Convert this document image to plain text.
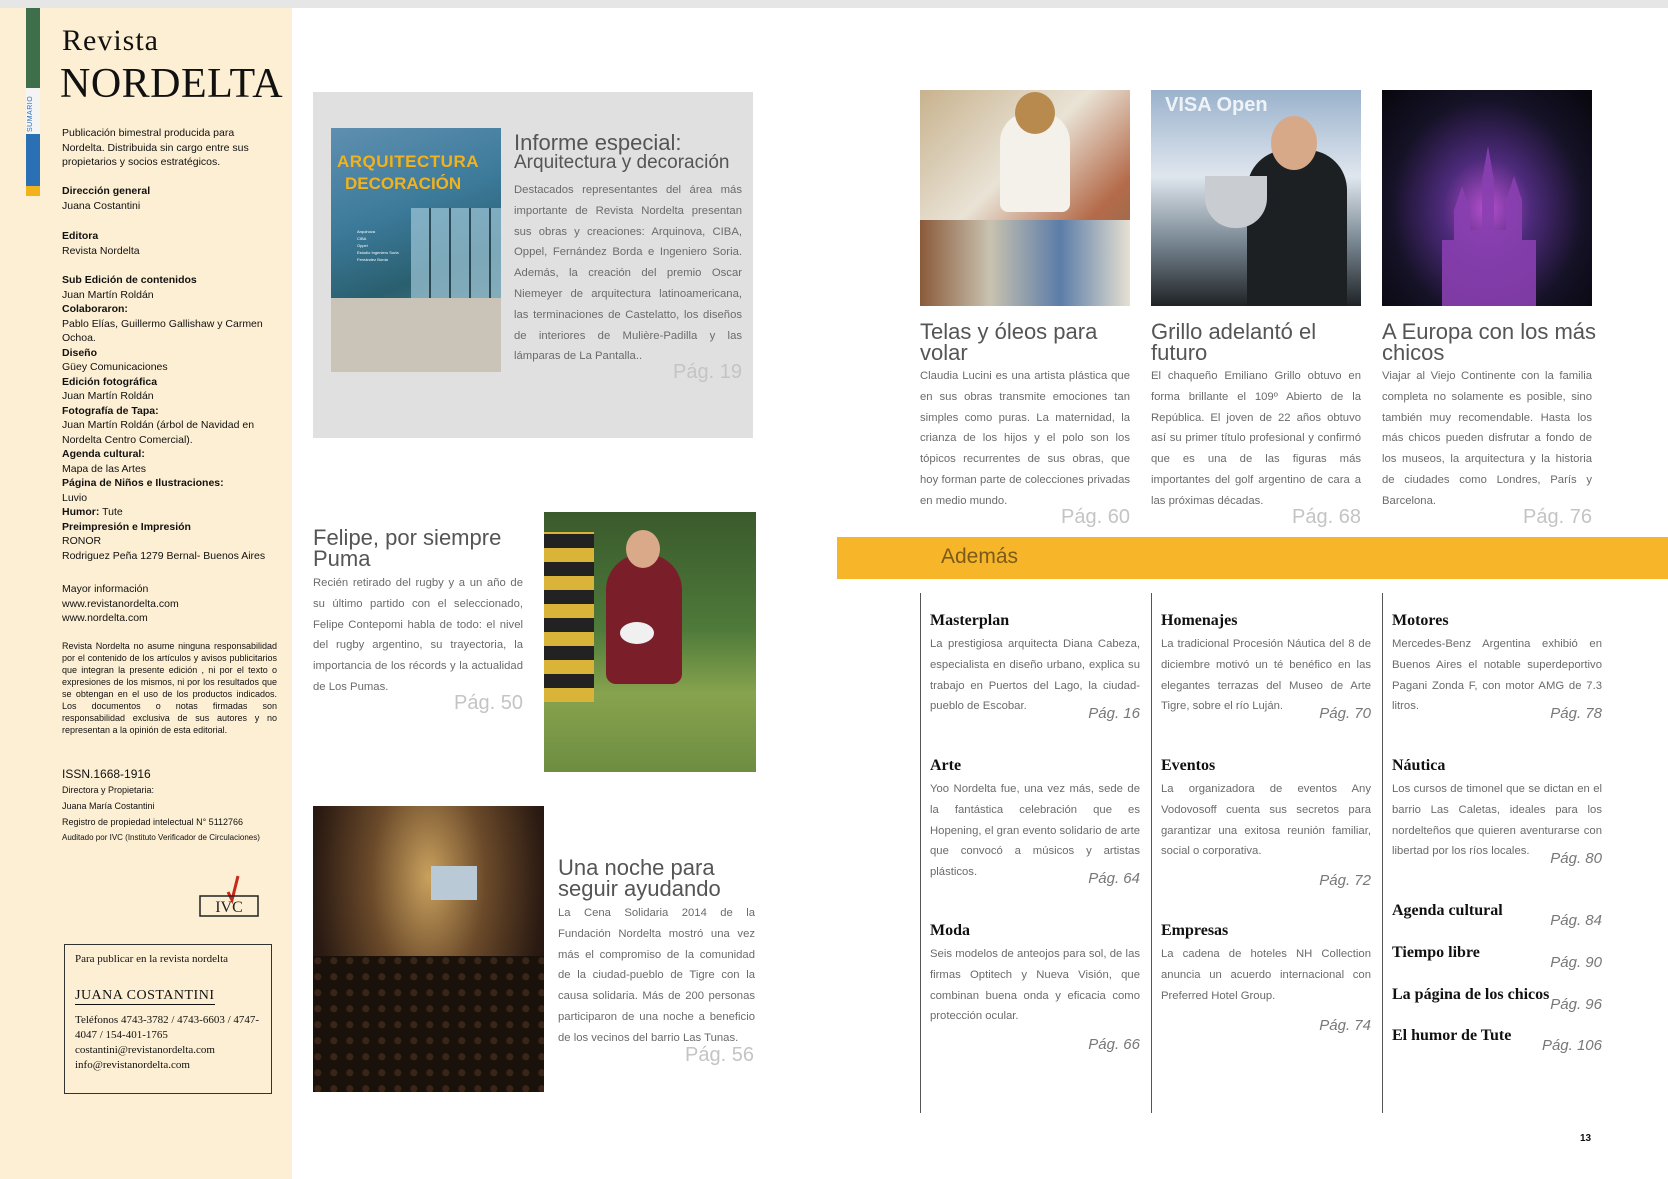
SUMARIO
Revista
NORDELTA
Publicación bimestral producida para Nordelta. Distribuida sin cargo entre sus propietarios y socios estratégicos.
Dirección general
Juana Costantini
Editora
Revista Nordelta
Sub Edición de contenidos
Juan Martín Roldán
Colaboraron:
Pablo Elías, Guillermo Gallishaw y Carmen Ochoa.
Diseño
Güey Comunicaciones
Edición fotográfica
Juan Martín Roldán
Fotografía de Tapa:
Juan Martín Roldán (árbol de Navidad en Nordelta Centro Comercial).
Agenda cultural:
Mapa de las Artes
Página de Niños e Ilustraciones:
Luvio
Humor: Tute
Preimpresión e Impresión
RONOR
Rodriguez Peña 1279 Bernal- Buenos Aires
Mayor información
www.revistanordelta.com
www.nordelta.com
Revista Nordelta no asume ninguna responsabilidad por el contenido de los artículos y avisos publicitarios que integran la presente edición , ni por el texto o expresiones de los mismos, ni por los resultados que se obtengan en el uso de los productos indicados. Los documentos o notas firmadas son responsabilidad exclusiva de sus autores y no representan a la opinión de esta editorial.
ISSN.1668-1916
Directora y Propietaria:
Juana María Costantini
Registro de propiedad intelectual N° 5112766
Auditado por IVC (Instituto Verificador de Circulaciones)
IVC
Para publicar en la revista nordelta
JUANA COSTANTINI
Teléfonos 4743-3782 / 4743-6603 / 4747-4047 / 154-401-1765
costantini@revistanordelta.com
info@revistanordelta.com
ARQUITECTURA
DECORACIÓN
Arquinova
CIBA
Oppel
Estudio Ingeniero Soria
Fernández Borda
Informe especial:
Arquitectura y decoración
Destacados representantes del área más importante de Revista Nordelta presentan sus obras y creaciones: Arquinova, CIBA, Oppel, Fernández Borda e Ingeniero Soria. Además, la creación del premio Oscar Niemeyer de arquitectura latinoamericana, las terminaciones de Castelatto, los diseños de interiores de Mulière-Padilla y las lámparas de La Pantalla..
Pág. 19
Felipe, por siempre Puma
Recién retirado del rugby y a un año de su último partido con el seleccionado, Felipe Contepomi habla de todo: el nivel del rugby argentino, su trayectoria, la importancia de los récords y la actualidad de Los Pumas.
Pág. 50
Una noche para seguir ayudando
La Cena Solidaria 2014 de la Fundación Nordelta mostró una vez más el compromiso de la comunidad de la ciudad-pueblo de Tigre con la causa solidaria. Más de 200 personas participaron de una noche a beneficio de los vecinos del barrio Las Tunas.
Pág. 56
Telas y óleos para volar
Claudia Lucini es una artista plástica que en sus obras transmite emociones tan simples como puras. La maternidad, la crianza de los hijos y el polo son los tópicos recurrentes de sus obras, que hoy forman parte de colecciones privadas en medio mundo.
Pág. 60
VISA Open
Grillo adelantó el futuro
El chaqueño Emiliano Grillo obtuvo en forma brillante el 109º Abierto de la República. El joven de 22 años obtuvo así su primer título profesional y confirmó que es una de las figuras más importantes del golf argentino de cara a las próximas décadas.
Pág. 68
A Europa con los más chicos
Viajar al Viejo Continente con la familia completa no solamente es posible, sino también muy recomendable. Hasta los más chicos pueden disfrutar a fondo de los museos, la arquitectura y la historia de ciudades como Londres, París y Barcelona.
Pág. 76
Además
Masterplan
La prestigiosa arquitecta Diana Cabeza, especialista en diseño urbano, explica su trabajo en Puertos del Lago, la ciudad-pueblo de Escobar.	Pág. 16
Arte
Yoo Nordelta fue, una vez más, sede de la fantástica celebración que es Hopening, el gran evento solidario de arte que convocó a músicos y artistas plásticos.	Pág. 64
Moda
Seis modelos de anteojos para sol, de las firmas Optitech y Nueva Visión, que combinan buena onda y eficacia como protección ocular.
Pág. 66
Homenajes
La tradicional Procesión Náutica del 8 de diciembre motivó un té benéfico en las elegantes terrazas del Museo de Arte Tigre, sobre el río Luján.	Pág. 70
Eventos
La organizadora de eventos Any Vodovosoff cuenta sus secretos para garantizar una exitosa reunión familiar, social o corporativa.
Pág. 72
Empresas
La cadena de hoteles NH Collection anuncia un acuerdo internacional con Preferred Hotel Group.
Pág. 74
Motores
Mercedes-Benz Argentina exhibió en Buenos Aires el notable superdeportivo Pagani Zonda F, con motor AMG de 7.3 litros.	Pág. 78
Náutica
Los cursos de timonel que se dictan en el barrio Las Caletas, ideales para los nordelteños que quieren aventurarse con libertad por los ríos locales.	Pág. 80
Agenda cultural
Pág. 84
Tiempo libre
Pág. 90
La página de los chicos
Pág. 96
El humor de Tute
Pág. 106
13
